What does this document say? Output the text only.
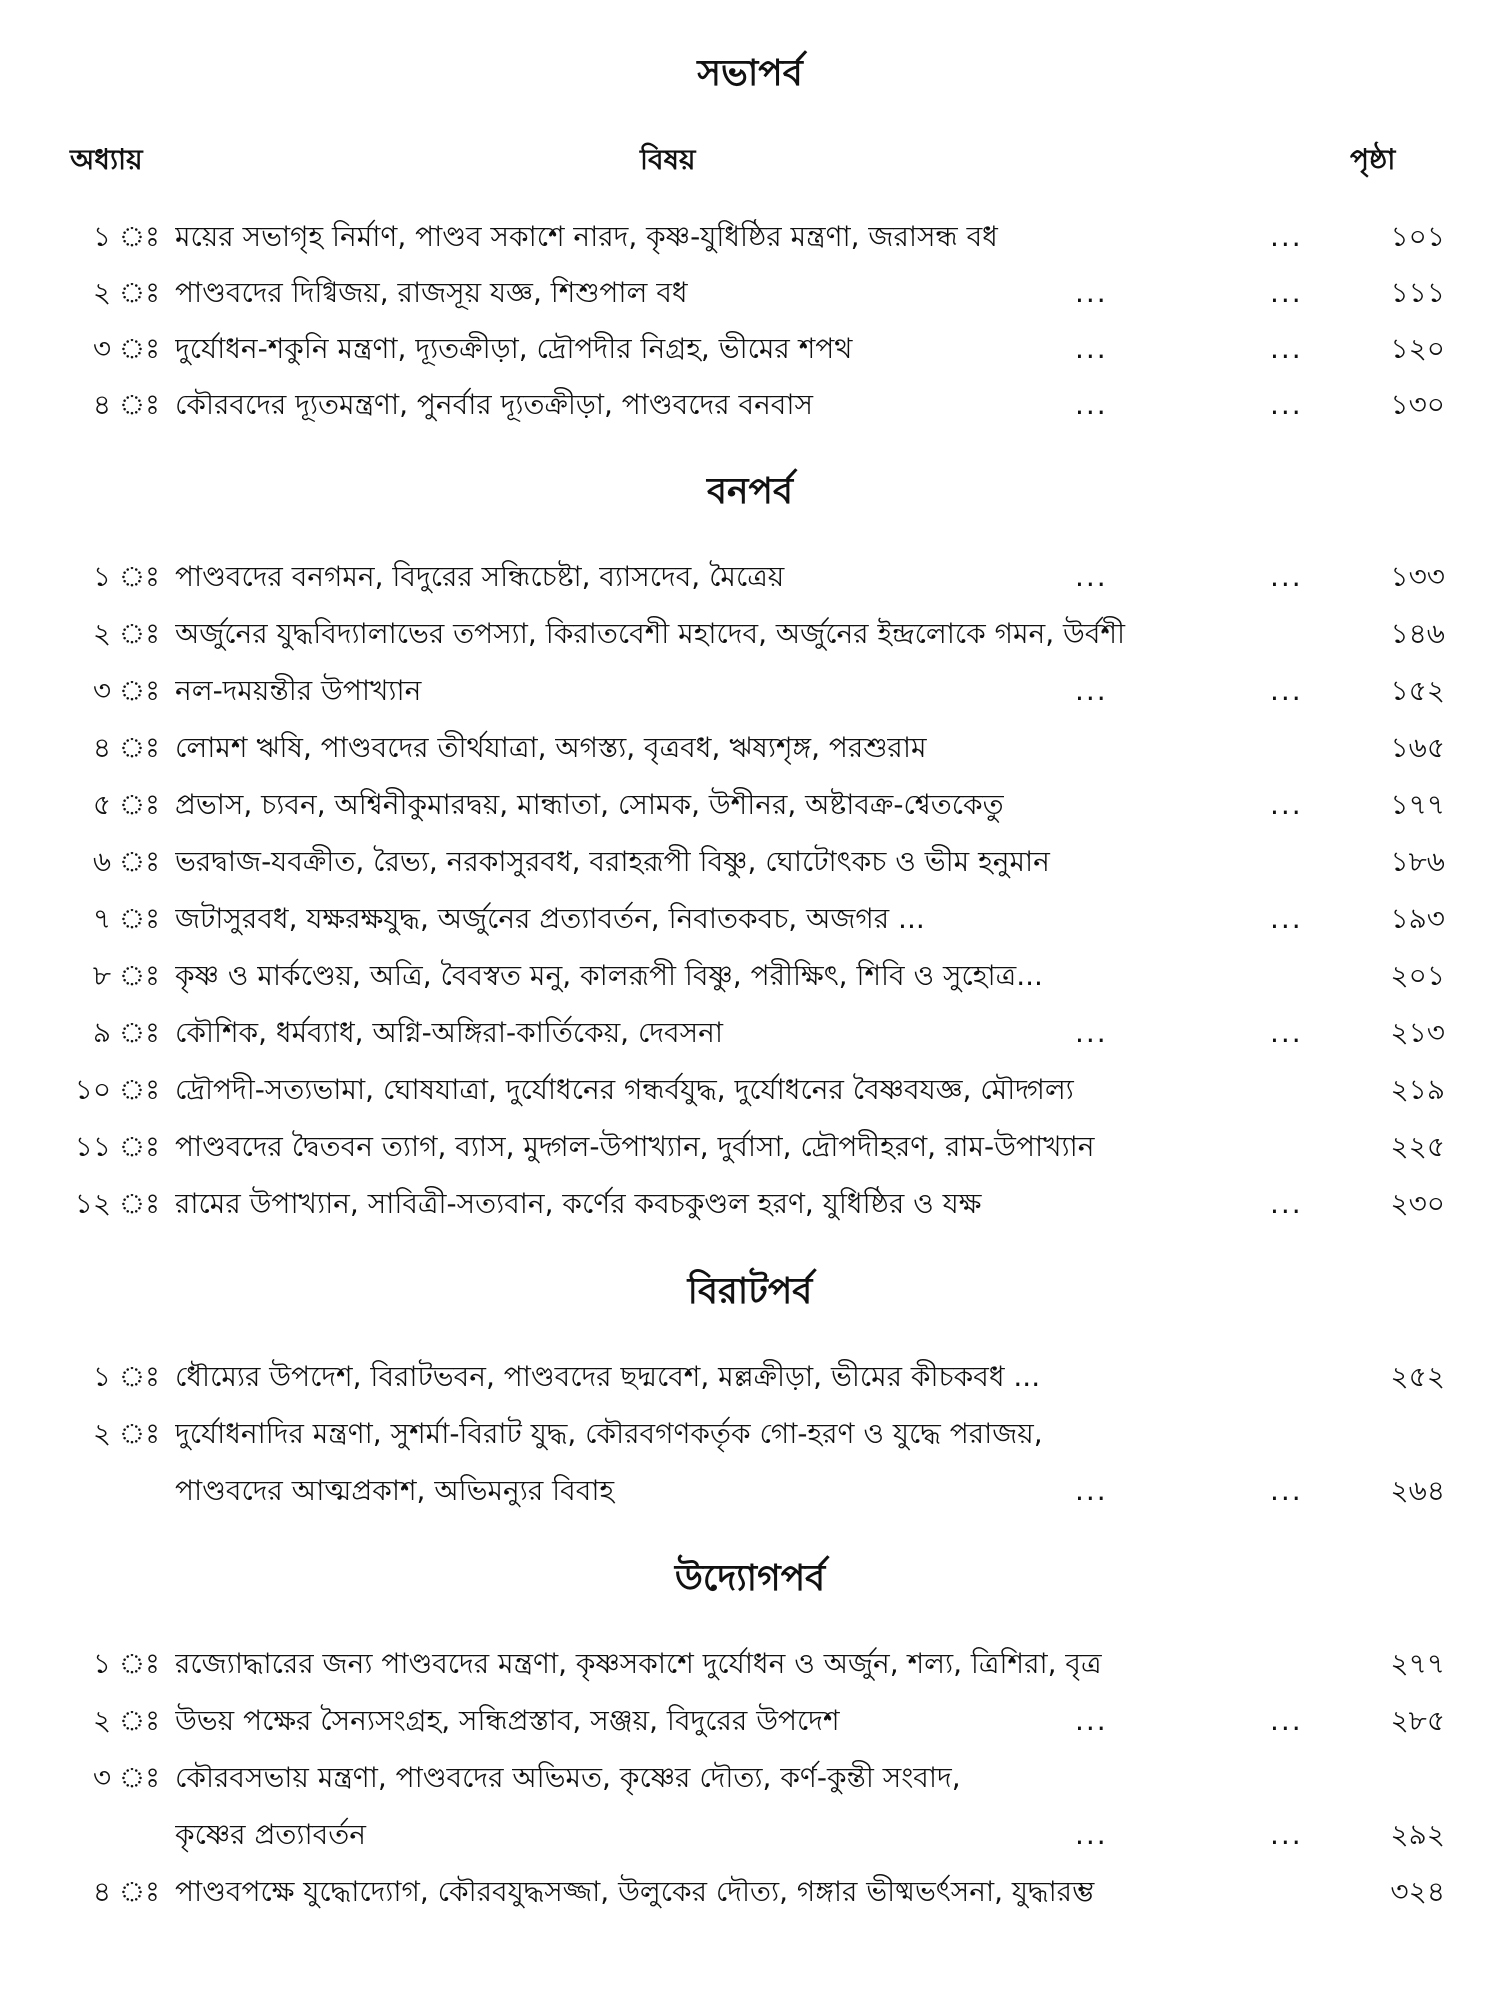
সভাপর্ব
অধ্যায়	বিষয়	পৃষ্ঠা
১ ঃ ময়ের সভাগৃহ নির্মাণ, পাণ্ডব সকাশে নারদ, কৃষ্ণ-যুধিষ্ঠির মন্ত্রণা, জরাসন্ধ বধ	...	১০১
২ ঃ পাণ্ডবদের দিগ্বিজয়, রাজসূয় যজ্ঞ, শিশুপাল বধ	...	...	১১১
৩ ঃ দুর্যোধন-শকুনি মন্ত্রণা, দ্যূতক্রীড়া, দ্রৌপদীর নিগ্রহ, ভীমের শপথ	...	...	১২০
৪ ঃ কৌরবদের দ্যূতমন্ত্রণা, পুনর্বার দ্যূতক্রীড়া, পাণ্ডবদের বনবাস	...	...	১৩০
বনপর্ব
১ ঃ পাণ্ডবদের বনগমন, বিদুরের সন্ধিচেষ্টা, ব্যাসদেব, মৈত্রেয়	...	...	১৩৩
২ ঃ অর্জুনের যুদ্ধবিদ্যালাভের তপস্যা, কিরাতবেশী মহাদেব, অর্জুনের ইন্দ্রলোকে গমন, উর্বশী	১৪৬
৩ ঃ নল-দময়ন্তীর উপাখ্যান	...	...	১৫২
৪ ঃ লোমশ ঋষি, পাণ্ডবদের তীর্থযাত্রা, অগস্ত্য, বৃত্রবধ, ঋষ্যশৃঙ্গ, পরশুরাম	১৬৫
৫ ঃ প্রভাস, চ্যবন, অশ্বিনীকুমারদ্বয়, মান্ধাতা, সোমক, উশীনর, অষ্টাবক্র-শ্বেতকেতু	...	১৭৭
৬ ঃ ভরদ্বাজ-যবক্রীত, রৈভ্য, নরকাসুরবধ, বরাহরূপী বিষ্ণু, ঘোটোৎকচ ও ভীম হনুমান	১৮৬
৭ ঃ জটাসুরবধ, যক্ষরক্ষযুদ্ধ, অর্জুনের প্রত্যাবর্তন, নিবাতকবচ, অজগর ...	...	১৯৩
৮ ঃ কৃষ্ণ ও মার্কণ্ডেয়, অত্রি, বৈবস্বত মনু, কালরূপী বিষ্ণু, পরীক্ষিৎ, শিবি ও সুহোত্র...	২০১
৯ ঃ কৌশিক, ধর্মব্যাধ, অগ্নি-অঙ্গিরা-কার্তিকেয়, দেবসনা	...	...	২১৩
১০ ঃ দ্রৌপদী-সত্যভামা, ঘোষযাত্রা, দুর্যোধনের গন্ধর্বযুদ্ধ, দুর্যোধনের বৈষ্ণবযজ্ঞ, মৌদ্গল্য	২১৯
১১ ঃ পাণ্ডবদের দ্বৈতবন ত্যাগ, ব্যাস, মুদ্গল-উপাখ্যান, দুর্বাসা, দ্রৌপদীহরণ, রাম-উপাখ্যান	২২৫
১২ ঃ রামের উপাখ্যান, সাবিত্রী-সত্যবান, কর্ণের কবচকুণ্ডল হরণ, যুধিষ্ঠির ও যক্ষ	...	২৩০
বিরাটপর্ব
১ ঃ ধৌম্যের উপদেশ, বিরাটভবন, পাণ্ডবদের ছদ্মবেশ, মল্লক্রীড়া, ভীমের কীচকবধ ...	২৫২
২ ঃ দুর্যোধনাদির মন্ত্রণা, সুশর্মা-বিরাট যুদ্ধ, কৌরবগণকর্তৃক গো-হরণ ও যুদ্ধে পরাজয়,
পাণ্ডবদের আত্মপ্রকাশ, অভিমন্যুর বিবাহ	...	...	২৬৪
উদ্যোগপর্ব
১ ঃ রজ্যোদ্ধারের জন্য পাণ্ডবদের মন্ত্রণা, কৃষ্ণসকাশে দুর্যোধন ও অর্জুন, শল্য, ত্রিশিরা, বৃত্র	২৭৭
২ ঃ উভয় পক্ষের সৈন্যসংগ্রহ, সন্ধিপ্রস্তাব, সঞ্জয়, বিদুরের উপদেশ	...	...	২৮৫
৩ ঃ কৌরবসভায় মন্ত্রণা, পাণ্ডবদের অভিমত, কৃষ্ণের দৌত্য, কর্ণ-কুন্তী সংবাদ,
কৃষ্ণের প্রত্যাবর্তন	...	...	২৯২
৪ ঃ পাণ্ডবপক্ষে যুদ্ধোদ্যোগ, কৌরবযুদ্ধসজ্জা, উলুকের দৌত্য, গঙ্গার ভীষ্মভর্ৎসনা, যুদ্ধারম্ভ	৩২৪
